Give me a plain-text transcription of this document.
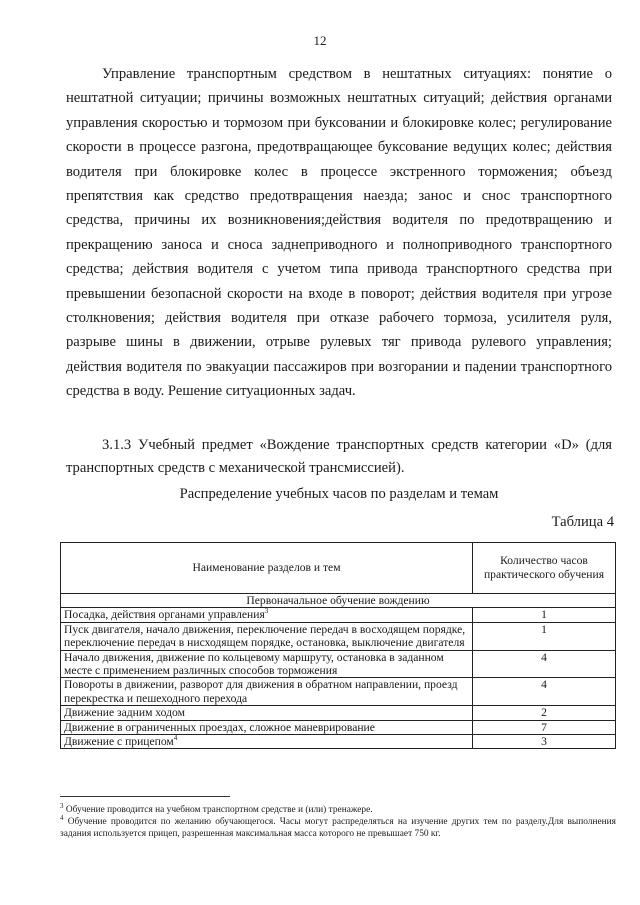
12

Управление транспортным средством в нештатных ситуациях: понятие о нештатной ситуации; причины возможных нештатных ситуаций; действия органами управления скоростью и тормозом при буксовании и блокировке колес; регулирование скорости в процессе разгона, предотвращающее буксование ведущих колес; действия водителя при блокировке колес в процессе экстренного торможения; объезд препятствия как средство предотвращения наезда; занос и снос транспортного средства, причины их возникновения;действия водителя по предотвращению и прекращению заноса и сноса заднеприводного и полноприводного транспортного средства; действия водителя с учетом типа привода транспортного средства при превышении безопасной скорости на входе в поворот; действия водителя при угрозе столкновения; действия водителя при отказе рабочего тормоза, усилителя руля, разрыве шины в движении, отрыве рулевых тяг привода рулевого управления; действия водителя по эвакуации пассажиров при возгорании и падении транспортного средства в воду. Решение ситуационных задач.

3.1.3 Учебный предмет «Вождение транспортных средств категории «D» (для транспортных средств с механической трансмиссией).

Распределение учебных часов по разделам и темам
Таблица 4
Наименование разделов и тем	Количество часов практического обучения
Первоначальное обучение вождению	
Посадка, действия органами управления$^3$	1
Пуск двигателя, начало движения, переключение передач в восходящем порядке, переключение передач в нисходящем порядке, остановка, выключение двигателя	1
Начало движения, движение по кольцевому маршруту, остановка в заданном месте с применением различных способов торможения	4
Повороты в движении, разворот для движения в обратном направлении, проезд перекрестка и пешеходного перехода	4
Движение задним ходом	2
Движение в ограниченных проездах, сложное маневрирование	7
Движение с прицепом$^4$	3

$^3$ Обучение проводится на учебном транспортном средстве и (или) тренажере.

$^4$ Обучение проводится по желанию обучающегося. Часы могут распределяться на изучение других тем по разделу.Для выполнения задания используется прицеп, разрешенная максимальная масса которого не превышает 750 кг.
